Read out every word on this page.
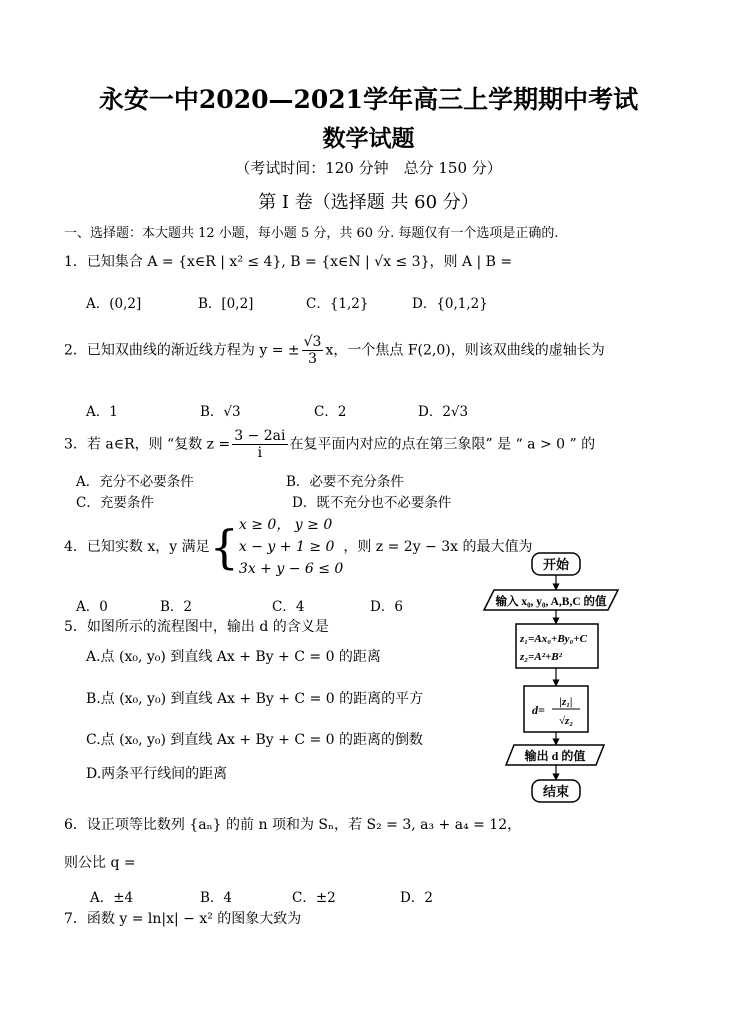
永安一中2020—2021学年高三上学期期中考试
数学试题
（考试时间：120 分钟　总分 150 分）
第 I 卷（选择题 共 60 分）
一、选择题：本大题共 12 小题，每小题 5 分，共 60 分. 每题仅有一个选项是正确的.
1．已知集合 A = {x∈R | x² ≤ 4}, B = {x∈N | √x ≤ 3}，则 A | B =
A．(0,2]	B．[0,2]	C．{1,2}	D．{0,1,2}
2．已知双曲线的渐近线方程为 y = ± $\frac{√3}{3}$ x，一个焦点 F(2,0)，则该双曲线的虚轴长为
A．1	B．√3	C．2	D．2√3
3．若 a∈R，则 “复数 $z = \frac{3 - 2ai}{i}$ 在复平面内对应的点在第三象限” 是 “ a > 0 ” 的
A．充分不必要条件	B．必要不充分条件
C．充要条件	D．既不充分也不必要条件
4．已知实数 x，y 满足{ x ≥ 0， y ≥ 0
x − y + 1 ≥ 0
3x + y − 6 ≤ 0
，则 z = 2y − 3x 的最大值为
A．0	B．2	C．4	D．6
5．如图所示的流程图中，输出 d 的含义是
A.点 (x₀, y₀) 到直线 Ax + By + C = 0 的距离
B.点 (x₀, y₀) 到直线 Ax + By + C = 0 的距离的平方
C.点 (x₀, y₀) 到直线 Ax + By + C = 0 的距离的倒数
D.两条平行线间的距离
6．设正项等比数列 {aₙ} 的前 n 项和为 Sₙ，若 S₂ = 3, a₃ + a₄ = 12，
则公比 q =
A．±4	B．4	C．±2	D．2
7．函数 y = ln|x| − x² 的图象大致为
开始
输入 x₀, y₀, A,B,C 的值
z₁=Ax₀+By₀+C
z₂=A²+B²
d=
|z₁|
√z₂
输出 d 的值
结束
